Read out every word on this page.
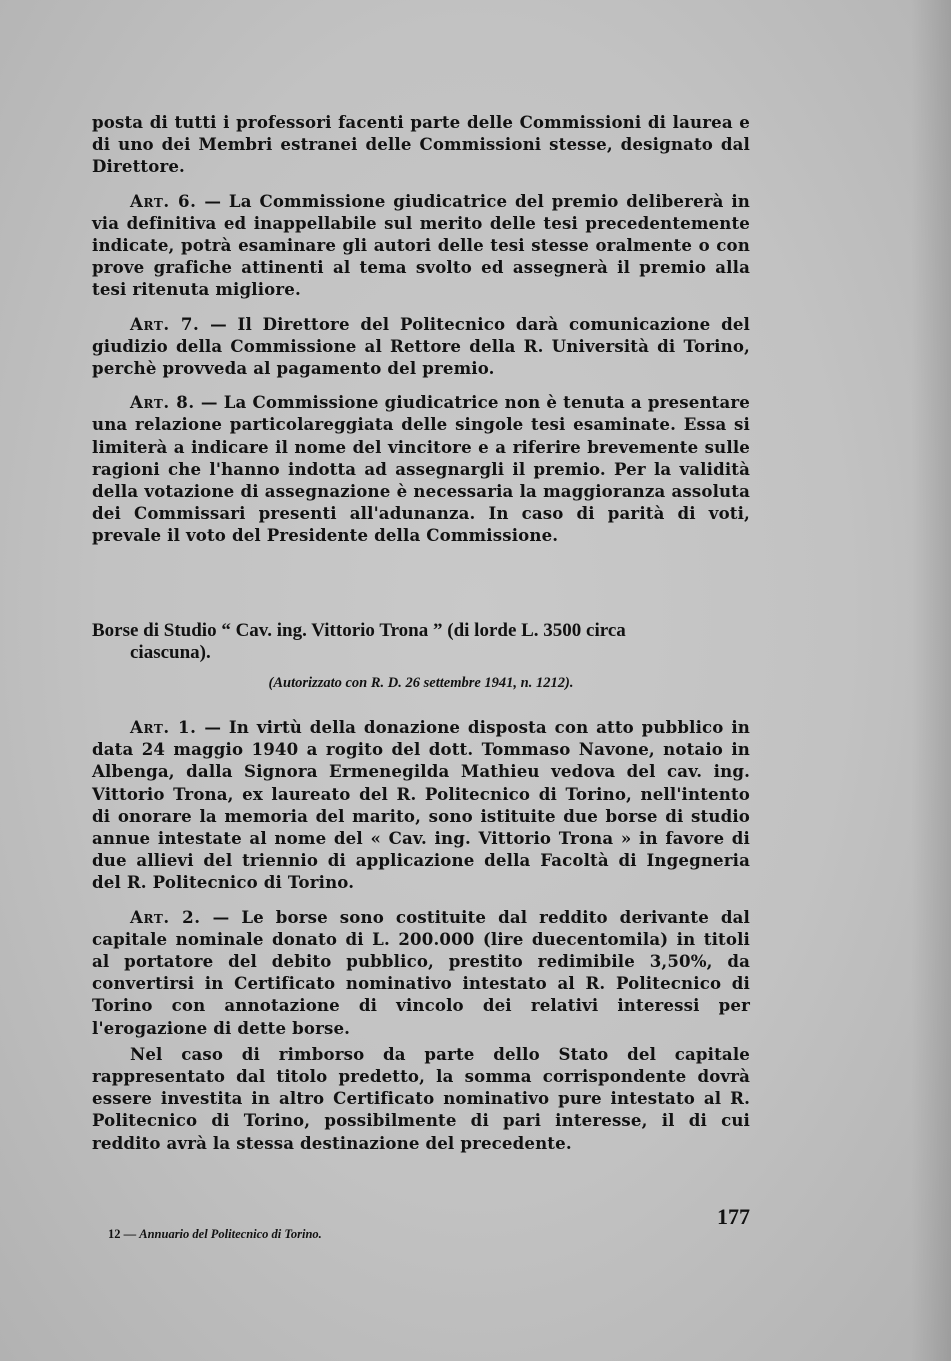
posta di tutti i professori facenti parte delle Commissioni di laurea e di uno dei Membri estranei delle Commissioni stesse, designato dal Direttore.

Art. 6. — La Commissione giudicatrice del premio delibererà in via definitiva ed inappellabile sul merito delle tesi precedentemente indicate, potrà esaminare gli autori delle tesi stesse oralmente o con prove grafiche attinenti al tema svolto ed assegnerà il premio alla tesi ritenuta migliore.

Art. 7. — Il Direttore del Politecnico darà comunicazione del giudizio della Commissione al Rettore della R. Università di Torino, perchè provveda al pagamento del premio.

Art. 8. — La Commissione giudicatrice non è tenuta a presentare una relazione particolareggiata delle singole tesi esaminate. Essa si limiterà a indicare il nome del vincitore e a riferire brevemente sulle ragioni che l'hanno indotta ad assegnargli il premio. Per la validità della votazione di assegnazione è necessaria la maggioranza assoluta dei Commissari presenti all'adunanza. In caso di parità di voti, prevale il voto del Presidente della Commissione.

Borse di Studio “ Cav. ing. Vittorio Trona ” (di lorde L. 3500 circa
ciascuna).
(Autorizzato con R. D. 26 settembre 1941, n. 1212).

Art. 1. — In virtù della donazione disposta con atto pubblico in data 24 maggio 1940 a rogito del dott. Tommaso Navone, notaio in Albenga, dalla Signora Ermenegilda Mathieu vedova del cav. ing. Vittorio Trona, ex laureato del R. Politecnico di Torino, nell'intento di onorare la memoria del marito, sono istituite due borse di studio annue intestate al nome del « Cav. ing. Vittorio Trona » in favore di due allievi del triennio di applicazione della Facoltà di Ingegneria del R. Politecnico di Torino.

Art. 2. — Le borse sono costituite dal reddito derivante dal capitale nominale donato di L. 200.000 (lire duecentomila) in titoli al portatore del debito pubblico, prestito redimibile 3,50%, da convertirsi in Certificato nominativo intestato al R. Politecnico di Torino con annotazione di vincolo dei relativi interessi per l'erogazione di dette borse.

Nel caso di rimborso da parte dello Stato del capitale rappresentato dal titolo predetto, la somma corrispondente dovrà essere investita in altro Certificato nominativo pure intestato al R. Politecnico di Torino, possibilmente di pari interesse, il di cui reddito avrà la stessa destinazione del precedente.

177
12 — Annuario del Politecnico di Torino.
